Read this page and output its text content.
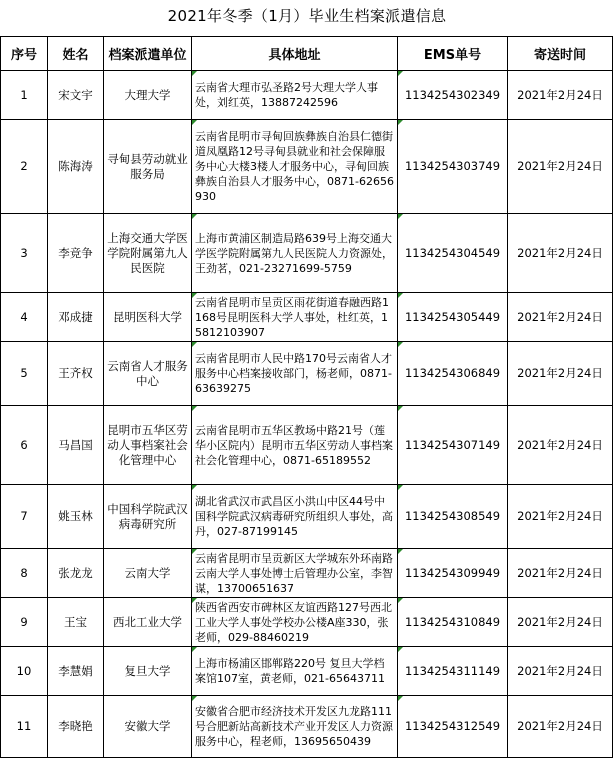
2021年冬季（1月）毕业生档案派遣信息
序号	姓名	档案派遣单位	具体地址	EMS单号	寄送时间
1	宋文宇	大理大学	云南省大理市弘圣路2号大理大学人事处，刘红英，13887242596	1134254302349	2021年2月24日
2	陈海涛	寻甸县劳动就业服务局	云南省昆明市寻甸回族彝族自治县仁德街道凤凰路12号寻甸县就业和社会保障服务中心大楼3楼人才服务中心，寻甸回族彝族自治县人才服务中心，0871-62656930	1134254303749	2021年2月24日
3	李竞争	上海交通大学医学院附属第九人民医院	上海市黄浦区制造局路639号上海交通大学医学院附属第九人民医院人力资源处，王劲茗，021-23271699-5759	1134254304549	2021年2月24日
4	邓成捷	昆明医科大学	云南省昆明市呈贡区雨花街道春融西路1168号昆明医科大学人事处，杜红英，15812103907	1134254305449	2021年2月24日
5	王齐权	云南省人才服务中心	云南省昆明市人民中路170号云南省人才服务中心档案接收部门，杨老师，0871-63639275	1134254306849	2021年2月24日
6	马昌国	昆明市五华区劳动人事档案社会化管理中心	云南省昆明市五华区教场中路21号（莲华小区院内）昆明市五华区劳动人事档案社会化管理中心，0871-65189552	1134254307149	2021年2月24日
7	姚玉林	中国科学院武汉病毒研究所	湖北省武汉市武昌区小洪山中区44号中国科学院武汉病毒研究所组织人事处，高丹，027-87199145	1134254308549	2021年2月24日
8	张龙龙	云南大学	云南省昆明市呈贡新区大学城东外环南路云南大学人事处博士后管理办公室，李智谋，13700651637	1134254309949	2021年2月24日
9	王宝	西北工业大学	陕西省西安市碑林区友谊西路127号西北工业大学人事处学校办公楼A座330，张老师，029-88460219	1134254310849	2021年2月24日
10	李慧娟	复旦大学	上海市杨浦区邯郸路220号 复旦大学档案馆107室，黄老师，021-65643711	1134254311149	2021年2月24日
11	李晓艳	安徽大学	安徽省合肥市经济技术开发区九龙路111号合肥新站高新技术产业开发区人力资源服务中心，程老师，13695650439	1134254312549	2021年2月24日
